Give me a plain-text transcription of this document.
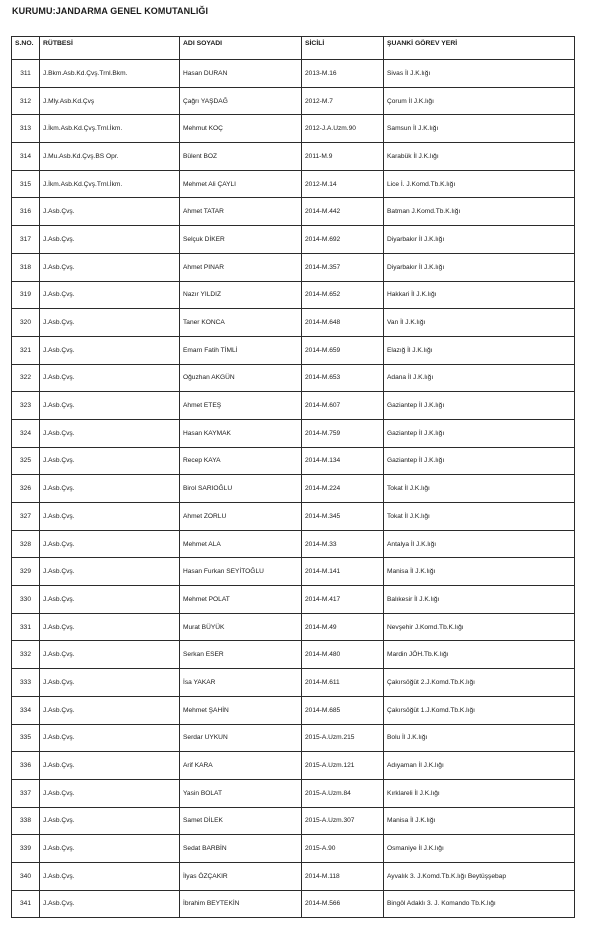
KURUMU:JANDARMA GENEL KOMUTANLIĞI
S.NO.	RÜTBESİ	ADI SOYADI	SİCİLİ	ŞUANKİ GÖREV YERİ
311	J.Bkm.Asb.Kd.Çvş.Trnl.Bkm.	Hasan DURAN	2013-M.16	Sivas İl J.K.lığı
312	J.Mly.Asb.Kd.Çvş	Çağrı YAŞDAĞ	2012-M.7	Çorum İl J.K.lığı
313	J.İkm.Asb.Kd.Çvş.Trnl.İkm.	Mehmut KOÇ	2012-J.A.Uzm.90	Samsun İl J.K.lığı
314	J.Mu.Asb.Kd.Çvş.BS Opr.	Bülent BOZ	2011-M.9	Karabük İl J.K.lığı
315	J.İkm.Asb.Kd.Çvş.Trnl.İkm.	Mehmet Ali ÇAYLI	2012-M.14	Lice İ. J.Komd.Tb.K.lığı
316	J.Asb.Çvş.	Ahmet TATAR	2014-M.442	Batman J.Komd.Tb.K.lığı
317	J.Asb.Çvş.	Selçuk DİKER	2014-M.692	Diyarbakır İl J.K.lığı
318	J.Asb.Çvş.	Ahmet PINAR	2014-M.357	Diyarbakır İl J.K.lığı
319	J.Asb.Çvş.	Nazır YILDIZ	2014-M.652	Hakkari İl J.K.lığı
320	J.Asb.Çvş.	Taner KONCA	2014-M.648	Van İl J.K.lığı
321	J.Asb.Çvş.	Emarn Fatih TİMLİ	2014-M.659	Elazığ İl J.K.lığı
322	J.Asb.Çvş.	Oğuzhan AKGÜN	2014-M.653	Adana İl J.K.lığı
323	J.Asb.Çvş.	Ahmet ETEŞ	2014-M.607	Gaziantep İl J.K.lığı
324	J.Asb.Çvş.	Hasan KAYMAK	2014-M.759	Gaziantep İl J.K.lığı
325	J.Asb.Çvş.	Recep KAYA	2014-M.134	Gaziantep İl J.K.lığı
326	J.Asb.Çvş.	Birol SARIOĞLU	2014-M.224	Tokat İl J.K.lığı
327	J.Asb.Çvş.	Ahmet ZORLU	2014-M.345	Tokat İl J.K.lığı
328	J.Asb.Çvş.	Mehmet ALA	2014-M.33	Antalya İl J.K.lığı
329	J.Asb.Çvş.	Hasan Furkan SEYİTOĞLU	2014-M.141	Manisa İl J.K.lığı
330	J.Asb.Çvş.	Mehmet POLAT	2014-M.417	Balıkesir İl J.K.lığı
331	J.Asb.Çvş.	Murat BÜYÜK	2014-M.49	Nevşehir J.Komd.Tb.K.lığı
332	J.Asb.Çvş.	Serkan ESER	2014-M.480	Mardin JÖH.Tb.K.lığı
333	J.Asb.Çvş.	İsa YAKAR	2014-M.611	Çakırsöğüt 2.J.Komd.Tb.K.lığı
334	J.Asb.Çvş.	Mehmet ŞAHİN	2014-M.685	Çakırsöğüt 1.J.Komd.Tb.K.lığı
335	J.Asb.Çvş.	Serdar UYKUN	2015-A.Uzm.215	Bolu İl J.K.lığı
336	J.Asb.Çvş.	Arif KARA	2015-A.Uzm.121	Adıyaman İl J.K.lığı
337	J.Asb.Çvş.	Yasin BOLAT	2015-A.Uzm.84	Kırklareli İl J.K.lığı
338	J.Asb.Çvş.	Samet DİLEK	2015-A.Uzm.307	Manisa İl J.K.lığı
339	J.Asb.Çvş.	Sedat BARBİN	2015-A.90	Osmaniye İl J.K.lığı
340	J.Asb.Çvş.	İlyas ÖZÇAKIR	2014-M.118	Ayvalık 3. J.Komd.Tb.K.lığı Beytüşşebap
341	J.Asb.Çvş.	İbrahim BEYTEKİN	2014-M.566	Bingöl Adaklı 3. J. Komando Tb.K.lığı
